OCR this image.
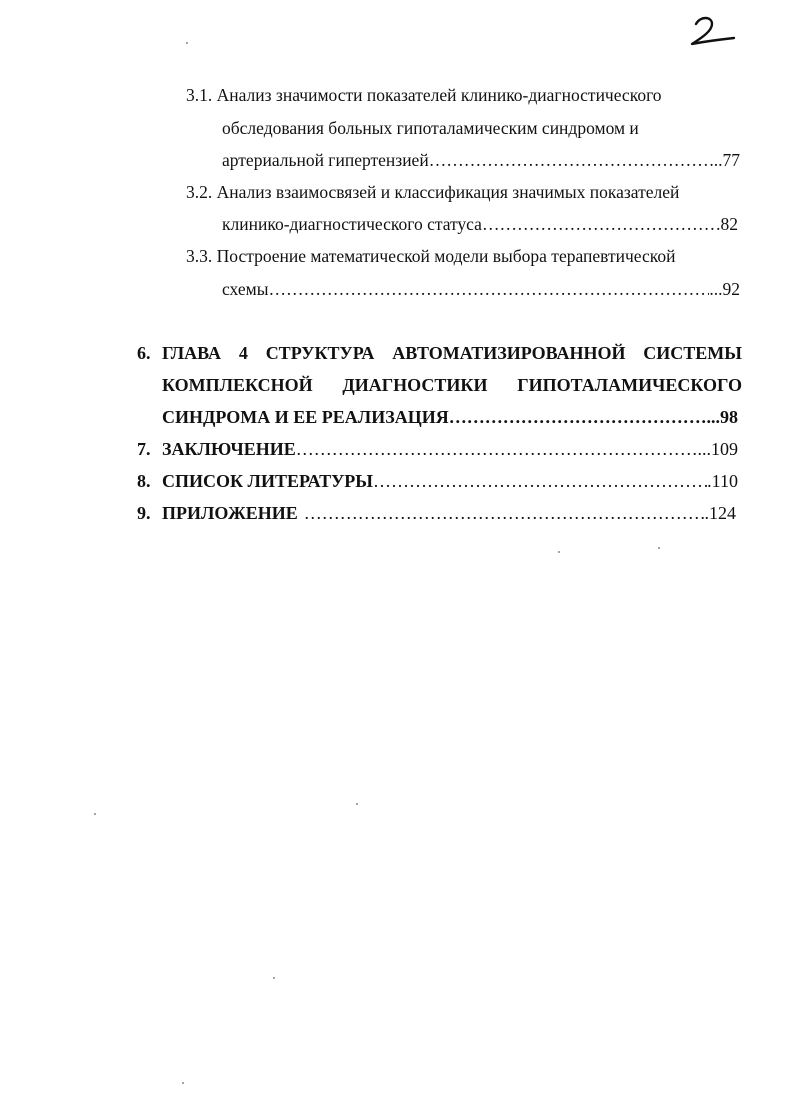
3.1. Анализ значимости показателей клинико-диагностического
обследования больных гипоталамическим синдромом и
артериальной гипертензией ……………………………………………………………………………………………………………………………………………………………………	...77
3.2. Анализ взаимосвязей и классификация значимых показателей
клинико-диагностического статуса ……………………………………………………………………………………………………………………………………………………………………	.82
3.3. Построение математической модели выбора терапевтической
схемы ……………………………………………………………………………………………………………………………………………………………………	...92
6. ГЛАВА 4 СТРУКТУРА АВТОМАТИЗИРОВАННОЙ СИСТЕМЫ
КОМПЛЕКСНОЙ ДИАГНОСТИКИ ГИПОТАЛАМИЧЕСКОГО
СИНДРОМА И ЕЕ РЕАЛИЗАЦИЯ ……………………………………………………………………………………………………………………………………………………………………	...98
7. ЗАКЛЮЧЕНИЕ ……………………………………………………………………………………………………………………………………………………………………	...109
8. СПИСОК ЛИТЕРАТУРЫ ……………………………………………………………………………………………………………………………………………………………………	.110
9. ПРИЛОЖЕНИЕ ……………………………………………………………………………………………………………………………………………………………………	.124
